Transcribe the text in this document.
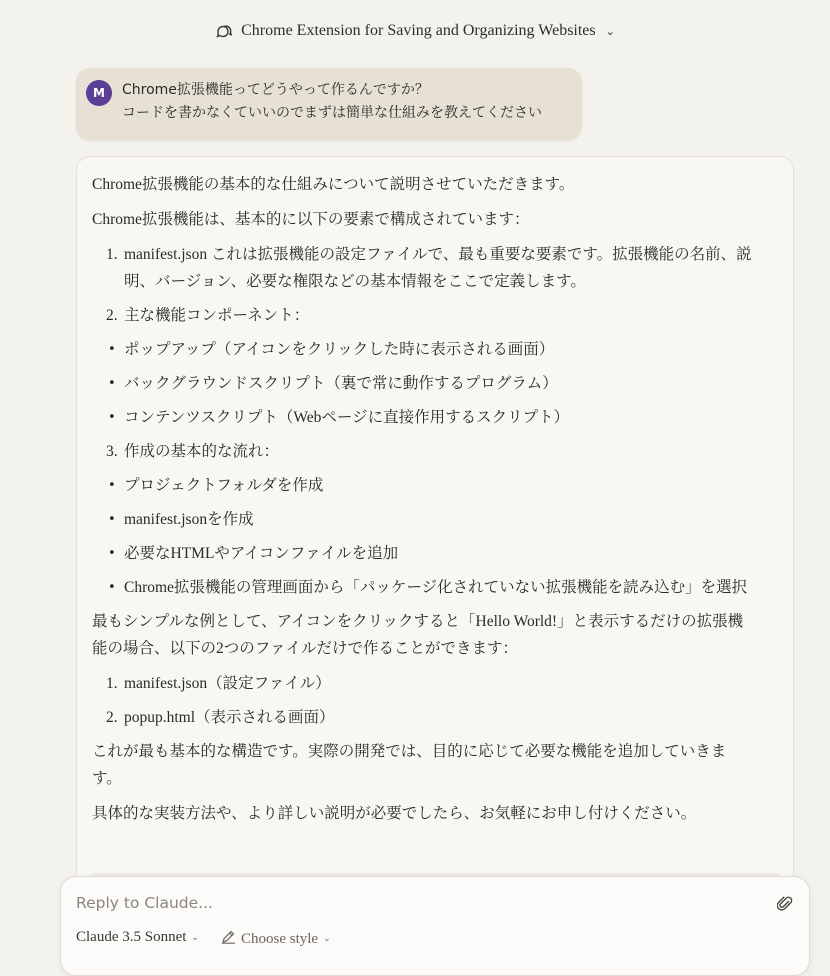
Chrome Extension for Saving and Organizing Websites ⌄
M	Chrome拡張機能ってどうやって作るんですか？
コードを書かなくていいのでまずは簡単な仕組みを教えてください

Chrome拡張機能の基本的な仕組みについて説明させていただきます。

Chrome拡張機能は、基本的に以下の要素で構成されています：

1. manifest.json これは拡張機能の設定ファイルで、最も重要な要素です。拡張機能の名前、説明、バージョン、必要な権限などの基本情報をここで定義します。
2. 主な機能コンポーネント：
• ポップアップ（アイコンをクリックした時に表示される画面）
• バックグラウンドスクリプト（裏で常に動作するプログラム）
• コンテンツスクリプト（Webページに直接作用するスクリプト）
3. 作成の基本的な流れ：
• プロジェクトフォルダを作成
• manifest.jsonを作成
• 必要なHTMLやアイコンファイルを追加
• Chrome拡張機能の管理画面から「パッケージ化されていない拡張機能を読み込む」を選択

最もシンプルな例として、アイコンをクリックすると「Hello World!」と表示するだけの拡張機能の場合、以下の2つのファイルだけで作ることができます：

1. manifest.json（設定ファイル）
2. popup.html（表示される画面）

これが最も基本的な構造です。実際の開発では、目的に応じて必要な機能を追加していきます。

具体的な実装方法や、より詳しい説明が必要でしたら、お気軽にお申し付けください。

Reply to Claude...
Claude 3.5 Sonnet ⌄	Choose style ⌄
